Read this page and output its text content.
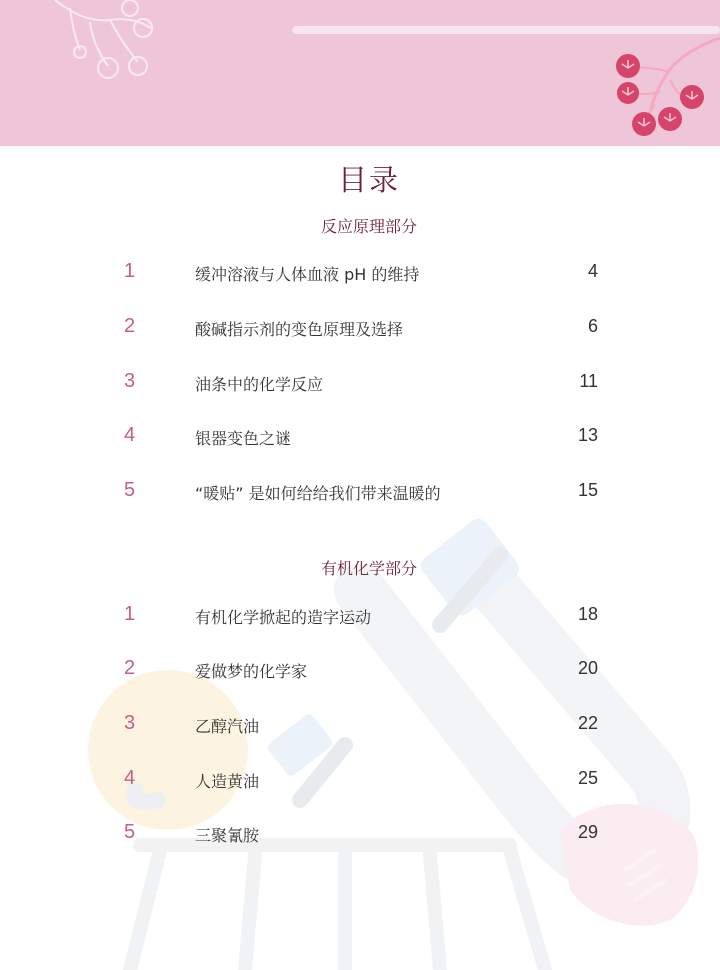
目录
反应原理部分
1	缓冲溶液与人体血液 pH 的维持	4
2	酸碱指示剂的变色原理及选择	6
3	油条中的化学反应	11
4	银器变色之谜	13
5	“暖贴” 是如何给给我们带来温暖的	15
有机化学部分
1	有机化学掀起的造字运动	18
2	爱做梦的化学家	20
3	乙醇汽油	22
4	人造黄油	25
5	三聚氰胺	29
